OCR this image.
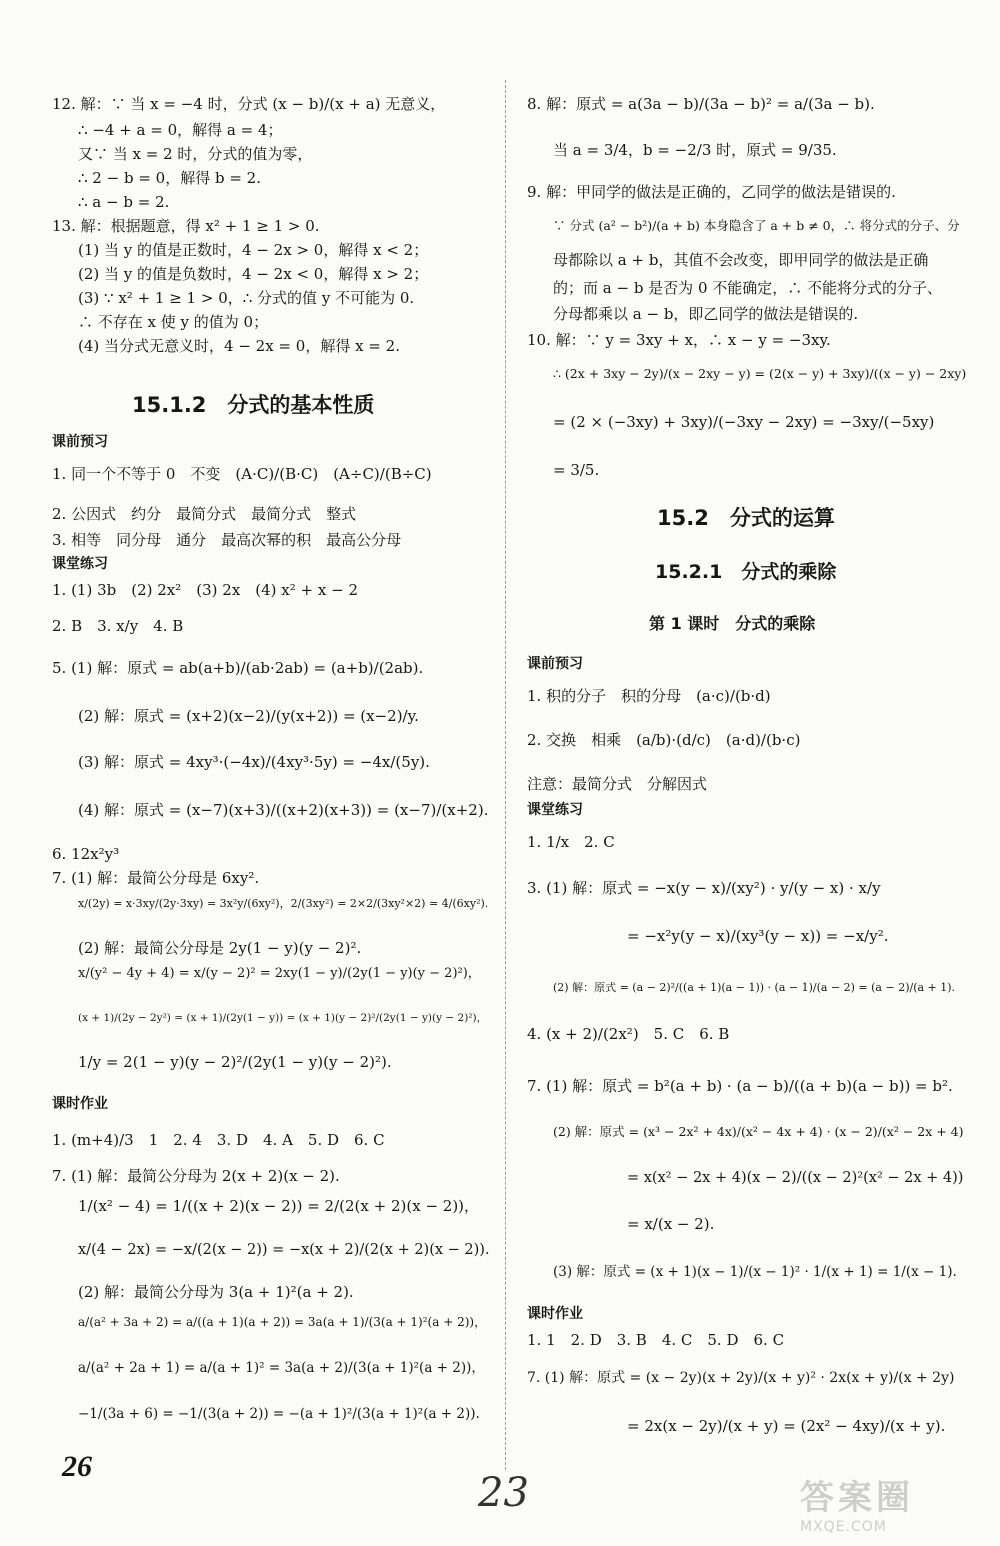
12. 解：∵ 当 x = −4 时，分式 (x − b)/(x + a) 无意义，
∴ −4 + a = 0，解得 a = 4；
又∵ 当 x = 2 时，分式的值为零，
∴ 2 − b = 0，解得 b = 2.
∴ a − b = 2.
13. 解：根据题意，得 x² + 1 ≥ 1 > 0.
(1) 当 y 的值是正数时，4 − 2x > 0，解得 x < 2；
(2) 当 y 的值是负数时，4 − 2x < 0，解得 x > 2；
(3) ∵ x² + 1 ≥ 1 > 0，∴ 分式的值 y 不可能为 0.
∴ 不存在 x 使 y 的值为 0；
(4) 当分式无意义时，4 − 2x = 0，解得 x = 2.
15.1.2　分式的基本性质
课前预习
1. 同一个不等于 0　不变　(A·C)/(B·C)　(A÷C)/(B÷C)
2. 公因式　约分　最简分式　最简分式　整式
3. 相等　同分母　通分　最高次幂的积　最高公分母
课堂练习
1. (1) 3b　(2) 2x²　(3) 2x　(4) x² + x − 2
2. B　3. x/y　4. B
5. (1) 解：原式 = ab(a+b)/(ab·2ab) = (a+b)/(2ab).
(2) 解：原式 = (x+2)(x−2)/(y(x+2)) = (x−2)/y.
(3) 解：原式 = 4xy³·(−4x)/(4xy³·5y) = −4x/(5y).
(4) 解：原式 = (x−7)(x+3)/((x+2)(x+3)) = (x−7)/(x+2).
6. 12x²y³
7. (1) 解：最简公分母是 6xy².
x/(2y) = x·3xy/(2y·3xy) = 3x²y/(6xy²)，2/(3xy²) = 2×2/(3xy²×2) = 4/(6xy²).
(2) 解：最简公分母是 2y(1 − y)(y − 2)².
x/(y² − 4y + 4) = x/(y − 2)² = 2xy(1 − y)/(2y(1 − y)(y − 2)²)，
(x + 1)/(2y − 2y²) = (x + 1)/(2y(1 − y)) = (x + 1)(y − 2)²/(2y(1 − y)(y − 2)²)，
1/y = 2(1 − y)(y − 2)²/(2y(1 − y)(y − 2)²).
课时作业
1. (m+4)/3　1　2. 4　3. D　4. A　5. D　6. C
7. (1) 解：最简公分母为 2(x + 2)(x − 2).
1/(x² − 4) = 1/((x + 2)(x − 2)) = 2/(2(x + 2)(x − 2))，
x/(4 − 2x) = −x/(2(x − 2)) = −x(x + 2)/(2(x + 2)(x − 2)).
(2) 解：最简公分母为 3(a + 1)²(a + 2).
a/(a² + 3a + 2) = a/((a + 1)(a + 2)) = 3a(a + 1)/(3(a + 1)²(a + 2))，
a/(a² + 2a + 1) = a/(a + 1)² = 3a(a + 2)/(3(a + 1)²(a + 2))，
−1/(3a + 6) = −1/(3(a + 2)) = −(a + 1)²/(3(a + 1)²(a + 2)).
8. 解：原式 = a(3a − b)/(3a − b)² = a/(3a − b).
当 a = 3/4，b = −2/3 时，原式 = 9/35.
9. 解：甲同学的做法是正确的，乙同学的做法是错误的.
∵ 分式 (a² − b²)/(a + b) 本身隐含了 a + b ≠ 0，∴ 将分式的分子、分
母都除以 a + b，其值不会改变，即甲同学的做法是正确
的；而 a − b 是否为 0 不能确定，∴ 不能将分式的分子、
分母都乘以 a − b，即乙同学的做法是错误的.
10. 解：∵ y = 3xy + x，∴ x − y = −3xy.
∴ (2x + 3xy − 2y)/(x − 2xy − y) = (2(x − y) + 3xy)/((x − y) − 2xy)
= (2 × (−3xy) + 3xy)/(−3xy − 2xy) = −3xy/(−5xy)
= 3/5.
15.2　分式的运算
15.2.1　分式的乘除
第 1 课时　分式的乘除
课前预习
1. 积的分子　积的分母　(a·c)/(b·d)
2. 交换　相乘　(a/b)·(d/c)　(a·d)/(b·c)
注意：最简分式　分解因式
课堂练习
1. 1/x　2. C
3. (1) 解：原式 = −x(y − x)/(xy²) · y/(y − x) · x/y
= −x²y(y − x)/(xy³(y − x)) = −x/y².
(2) 解：原式 = (a − 2)²/((a + 1)(a − 1)) · (a − 1)/(a − 2) = (a − 2)/(a + 1).
4. (x + 2)/(2x²)　5. C　6. B
7. (1) 解：原式 = b²(a + b) · (a − b)/((a + b)(a − b)) = b².
(2) 解：原式 = (x³ − 2x² + 4x)/(x² − 4x + 4) · (x − 2)/(x² − 2x + 4)
= x(x² − 2x + 4)(x − 2)/((x − 2)²(x² − 2x + 4))
= x/(x − 2).
(3) 解：原式 = (x + 1)(x − 1)/(x − 1)² · 1/(x + 1) = 1/(x − 1).
课时作业
1. 1　2. D　3. B　4. C　5. D　6. C
7. (1) 解：原式 = (x − 2y)(x + 2y)/(x + y)² · 2x(x + y)/(x + 2y)
= 2x(x − 2y)/(x + y) = (2x² − 4xy)/(x + y).
26
23	答案圈
MXQE.COM
